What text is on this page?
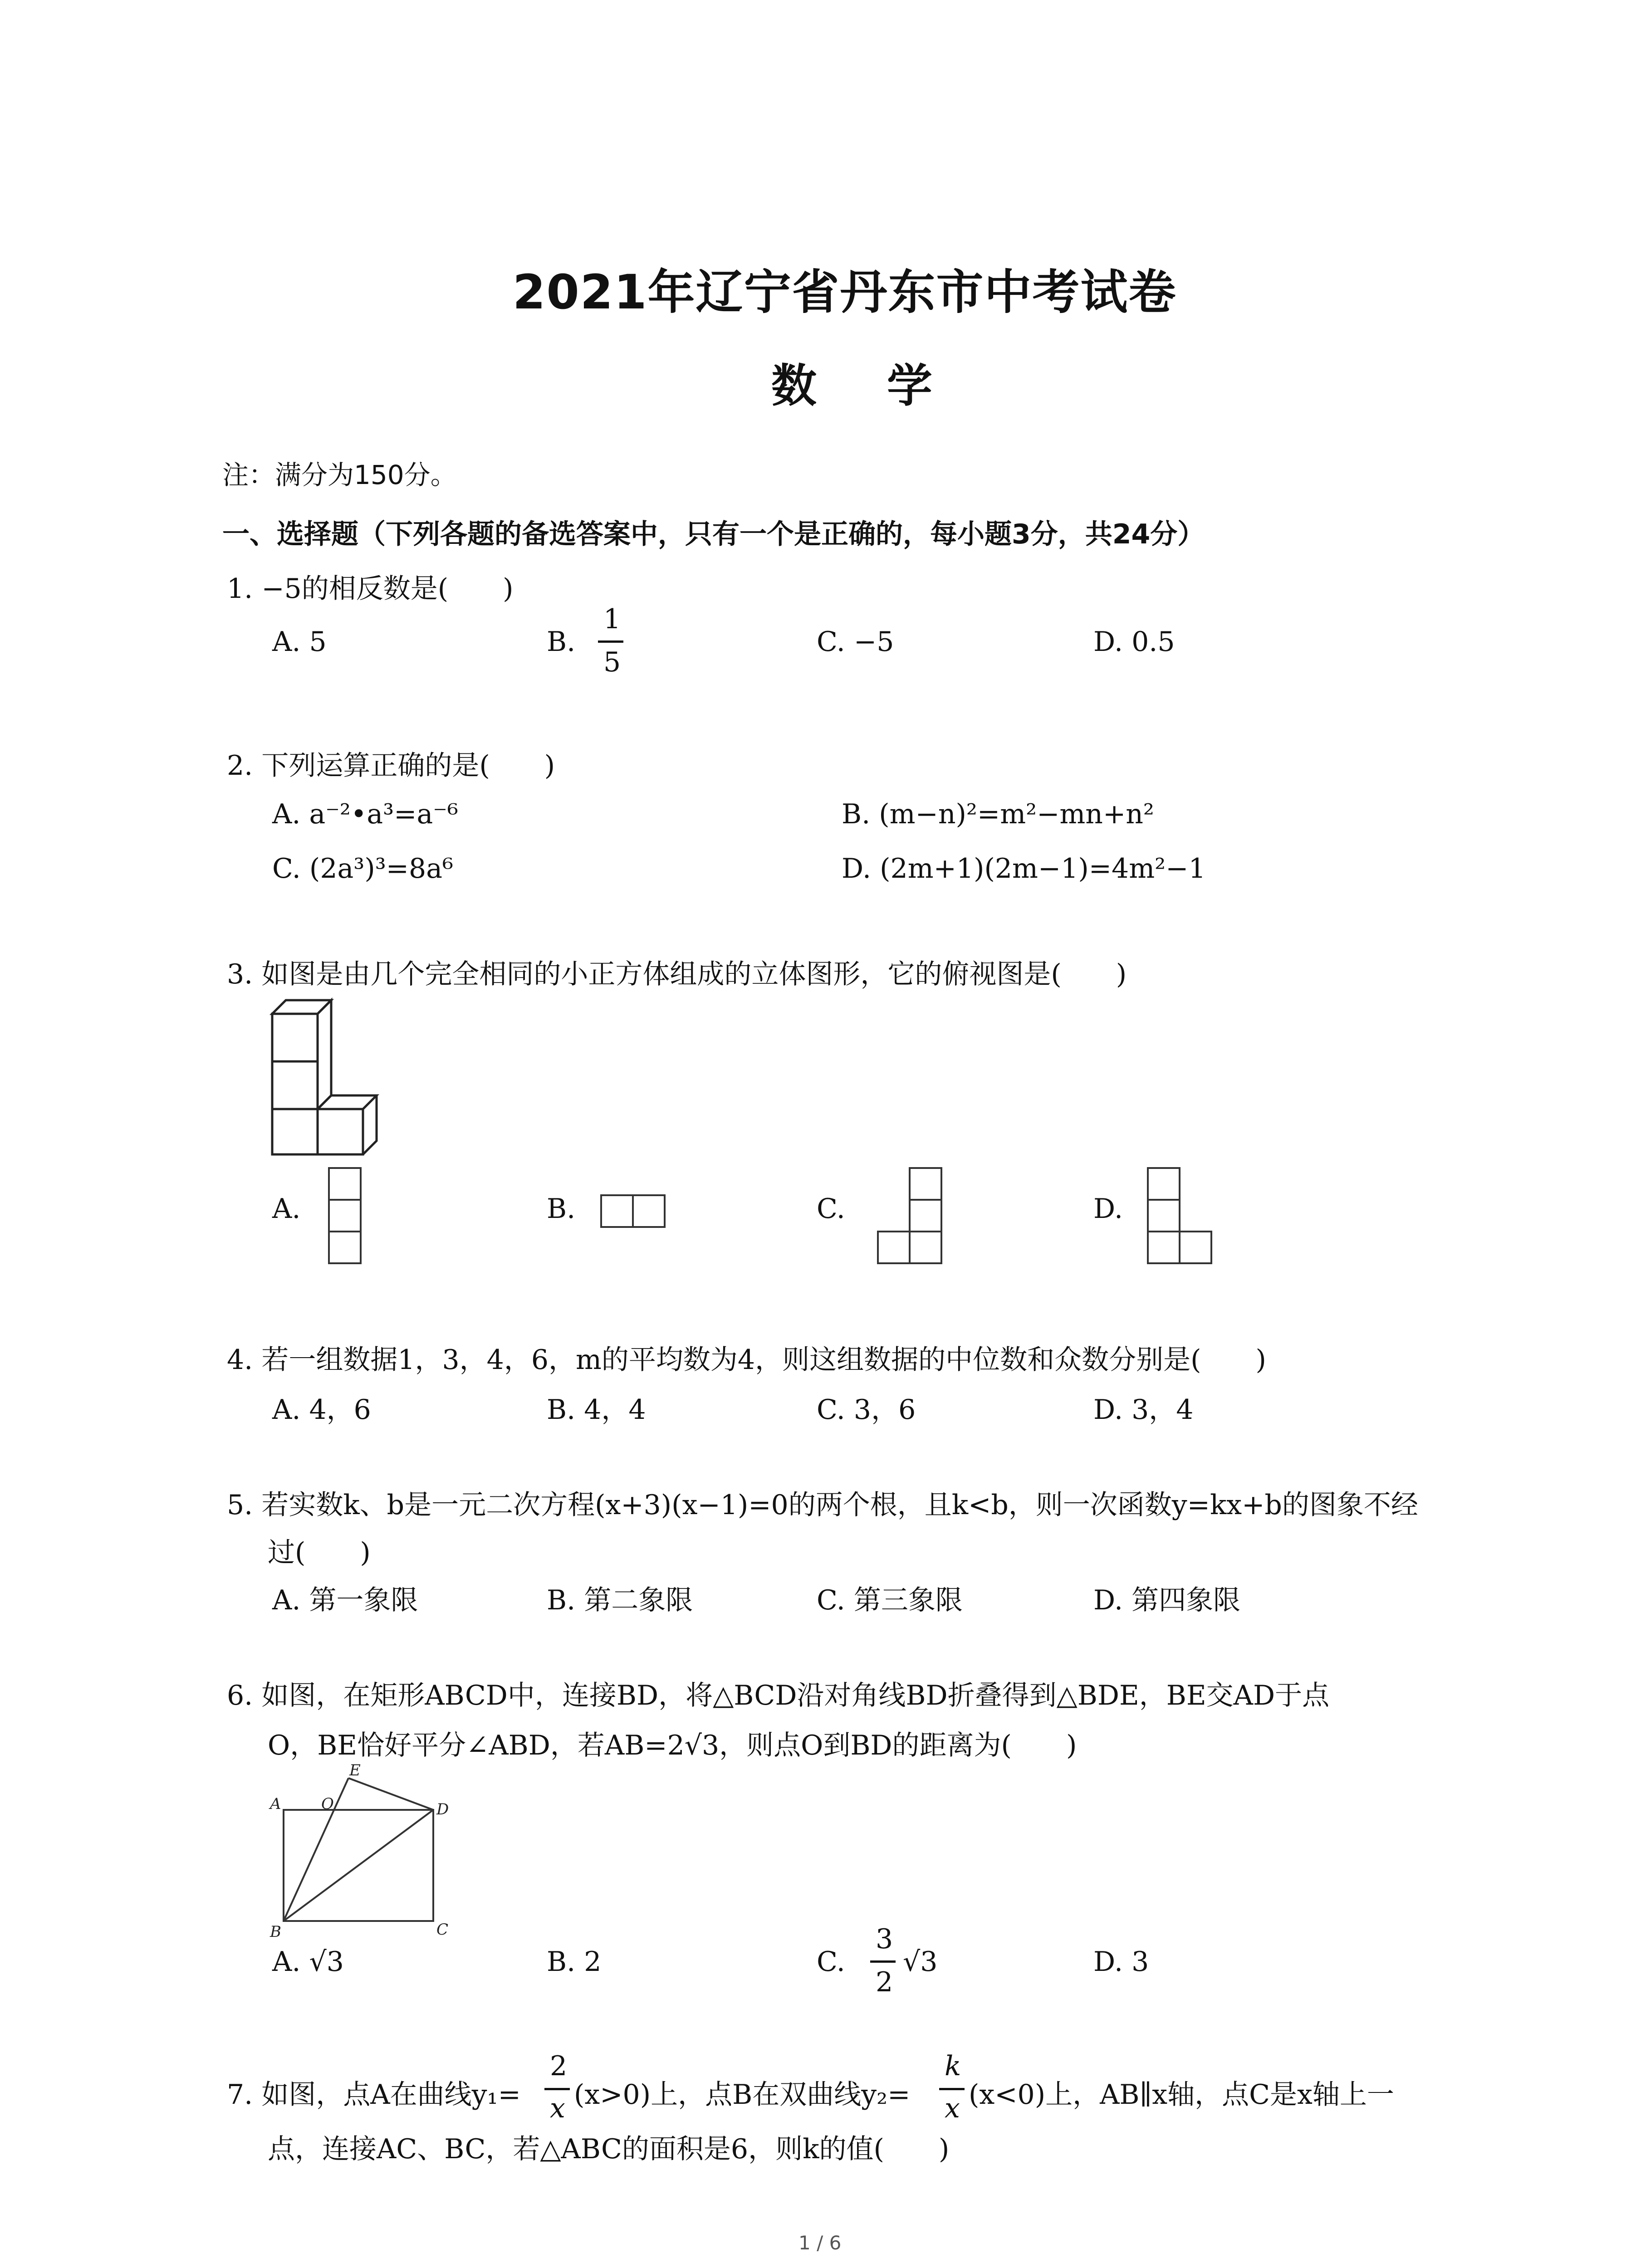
2021年辽宁省丹东市中考试卷
数 学
注：满分为150分。
一、选择题（下列各题的备选答案中，只有一个是正确的，每小题3分，共24分）
1. −5的相反数是(　　)
A. 5	B.
1
5
C. −5	D. 0.5
2. 下列运算正确的是(　　)
A. a⁻²•a³=a⁻⁶	B. (m−n)²=m²−mn+n²
C. (2a³)³=8a⁶	D. (2m+1)(2m−1)=4m²−1
3. 如图是由几个完全相同的小正方体组成的立体图形，它的俯视图是(　　)
A.	B.	C.	D.
4. 若一组数据1，3，4，6，m的平均数为4，则这组数据的中位数和众数分别是(　　)
A. 4，6	B. 4，4	C. 3，6	D. 3，4
5. 若实数k、b是一元二次方程(x+3)(x−1)=0的两个根，且k<b，则一次函数y=kx+b的图象不经
过(　　)
A. 第一象限	B. 第二象限	C. 第三象限	D. 第四象限
6. 如图，在矩形ABCD中，连接BD，将△BCD沿对角线BD折叠得到△BDE，BE交AD于点
O，BE恰好平分∠ABD，若AB=2√3，则点O到BD的距离为(　　)
A	O
E
D
B	C
A. √3	B. 2	C.
3
2
√3	D. 3
7. 如图，点A在曲线y₁=
2
x (x>0)上，点B在双曲线y₂=
k
x (x<0)上，AB∥x轴，点C是x轴上一
点，连接AC、BC，若△ABC的面积是6，则k的值(　　)
1 / 6
